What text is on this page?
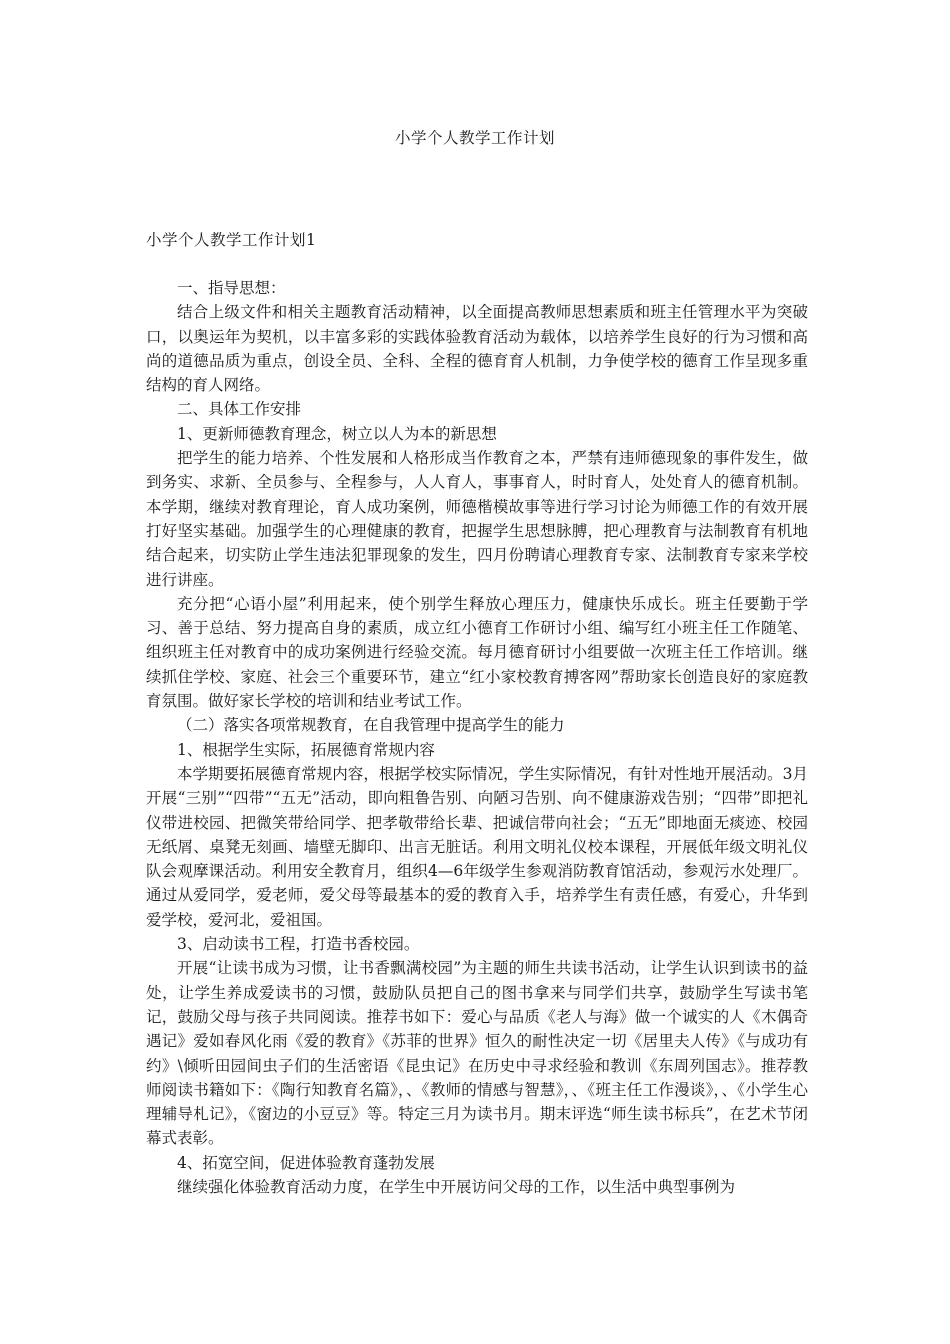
小学个人教学工作计划
小学个人教学工作计划1

一、指导思想：

结合上级文件和相关主题教育活动精神，以全面提高教师思想素质和班主任管理水平为突破口，以奥运年为契机，以丰富多彩的实践体验教育活动为载体，以培养学生良好的行为习惯和高尚的道德品质为重点，创设全员、全科、全程的德育育人机制，力争使学校的德育工作呈现多重结构的育人网络。

二、具体工作安排

1、更新师德教育理念，树立以人为本的新思想

把学生的能力培养、个性发展和人格形成当作教育之本，严禁有违师德现象的事件发生，做到务实、求新、全员参与、全程参与，人人育人，事事育人，时时育人，处处育人的德育机制。本学期，继续对教育理论，育人成功案例，师德楷模故事等进行学习讨论为师德工作的有效开展打好坚实基础。加强学生的心理健康的教育，把握学生思想脉膊，把心理教育与法制教育有机地结合起来，切实防止学生违法犯罪现象的发生，四月份聘请心理教育专家、法制教育专家来学校进行讲座。

充分把“心语小屋”利用起来，使个别学生释放心理压力，健康快乐成长。班主任要勤于学习、善于总结、努力提高自身的素质，成立红小德育工作研讨小组、编写红小班主任工作随笔、组织班主任对教育中的成功案例进行经验交流。每月德育研讨小组要做一次班主任工作培训。继续抓住学校、家庭、社会三个重要环节，建立“红小家校教育搏客网”帮助家长创造良好的家庭教育氛围。做好家长学校的培训和结业考试工作。

（二）落实各项常规教育，在自我管理中提高学生的能力

1、根据学生实际，拓展德育常规内容

本学期要拓展德育常规内容，根据学校实际情况，学生实际情况，有针对性地开展活动。3月开展“三别”“四带”“五无”活动，即向粗鲁告别、向陋习告别、向不健康游戏告别；“四带”即把礼仪带进校园、把微笑带给同学、把孝敬带给长辈、把诚信带向社会；“五无”即地面无痰迹、校园无纸屑、桌凳无刻画、墙壁无脚印、出言无脏话。利用文明礼仪校本课程，开展低年级文明礼仪队会观摩课活动。利用安全教育月，组织4—6年级学生参观消防教育馆活动，参观污水处理厂。通过从爱同学，爱老师，爱父母等最基本的爱的教育入手，培养学生有责任感，有爱心，升华到爱学校，爱河北，爱祖国。

3、启动读书工程，打造书香校园。

开展“让读书成为习惯，让书香飘满校园”为主题的师生共读书活动，让学生认识到读书的益处，让学生养成爱读书的习惯，鼓励队员把自己的图书拿来与同学们共享，鼓励学生写读书笔记，鼓励父母与孩子共同阅读。推荐书如下：爱心与品质《老人与海》做一个诚实的人《木偶奇遇记》爱如春风化雨《爱的教育》《苏菲的世界》恒久的耐性决定一切《居里夫人传》《与成功有约》\倾听田园间虫子们的生活密语《昆虫记》在历史中寻求经验和教训《东周列国志》。推荐教师阅读书籍如下：《陶行知教育名篇》，、《教师的情感与智慧》，、《班主任工作漫谈》，、《小学生心理辅导札记》，《窗边的小豆豆》等。特定三月为读书月。期末评选“师生读书标兵”，在艺术节闭幕式表彰。

4、拓宽空间，促进体验教育蓬勃发展

继续强化体验教育活动力度，在学生中开展访问父母的工作，以生活中典型事例为
